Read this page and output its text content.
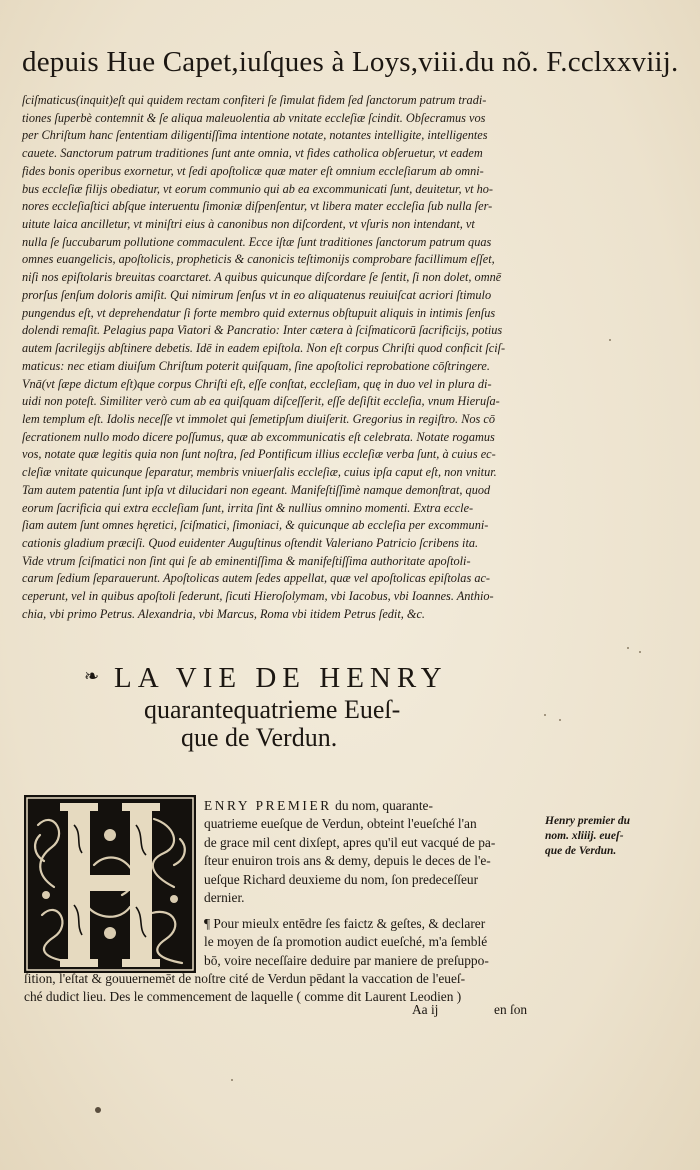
depuis Hue Capet,iuſques à Loys,viii.du nõ. F.cclxxviij.
ſciſmaticus(inquit)eſt qui quidem rectam confiteri ſe ſimulat fidem ſed ſanctorum patrum tradi-
tiones ſuperbè contemnit & ſe aliqua maleuolentia ab vnitate eccleſiæ ſcindit. Obſecramus vos
per Chriſtum hanc ſententiam diligentiſſima intentione notate, notantes intelligite, intelligentes
cauete. Sanctorum patrum traditiones ſunt ante omnia, vt fides catholica obſeruetur, vt eadem
fides bonis operibus exornetur, vt ſedi apoſtolicæ quæ mater eſt omnium eccleſiarum ab omni-
bus eccleſiæ filijs obediatur, vt eorum communio qui ab ea excommunicati ſunt, deuitetur, vt ho-
nores eccleſiaſtici abſque interuentu ſimoniæ diſpenſentur, vt libera mater eccleſia ſub nulla ſer-
uitute laica ancilletur, vt miniſtri eius à canonibus non diſcordent, vt vſuris non intendant, vt
nulla ſe ſuccubarum pollutione commaculent. Ecce iſtæ ſunt traditiones ſanctorum patrum quas
omnes euangelicis, apoſtolicis, propheticis & canonicis teſtimonijs comprobare facillimum eſſet,
niſi nos epiſtolaris breuitas coarctaret. A quibus quicunque diſcordare ſe ſentit, ſi non dolet, omnē
prorſus ſenſum doloris amiſit. Qui nimirum ſenſus vt in eo aliquatenus reuiuiſcat acriori ſtimulo
pungendus eſt, vt deprehendatur ſi forte membro quid externus obſtupuit aliquis in intimis ſenſus
dolendi remaſit. Pelagius papa Viatori & Pancratio: Inter cætera à ſciſmaticorū ſacrificijs, potius
autem ſacrilegijs abſtinere debetis. Idē in eadem epiſtola. Non eſt corpus Chriſti quod conficit ſciſ-
maticus: nec etiam diuiſum Chriſtum poterit quiſquam, ſine apoſtolici reprobatione cōſtringere.
Vnā(vt ſæpe dictum eſt)que corpus Chriſti eſt, eſſe conſtat, eccleſiam, quę in duo vel in plura di-
uidi non poteſt. Similiter verò cum ab ea quiſquam diſceſſerit, eſſe deſiſtit eccleſia, vnum Hieruſa-
lem templum eſt. Idolis neceſſe vt immolet qui ſemetipſum diuiſerit. Gregorius in regiſtro. Nos cō
ſecrationem nullo modo dicere poſſumus, quæ ab excommunicatis eſt celebrata. Notate rogamus
vos, notate quæ legitis quia non ſunt noſtra, ſed Pontificum illius eccleſiæ verba ſunt, à cuius ec-
cleſiæ vnitate quicunque ſeparatur, membris vniuerſalis eccleſiæ, cuius ipſa caput eſt, non vnitur.
Tam autem patentia ſunt ipſa vt dilucidari non egeant. Manifeſtiſſimè namque demonſtrat, quod
eorum ſacrificia qui extra eccleſiam ſunt, irrita ſint & nullius omnino momenti. Extra eccle-
ſiam autem ſunt omnes hęretici, ſciſmatici, ſimoniaci, & quicunque ab eccleſia per excommuni-
cationis gladium præciſi. Quod euidenter Auguſtinus oſtendit Valeriano Patricio ſcribens ita.
Vide vtrum ſciſmatici non ſint qui ſe ab eminentiſſima & manifeſtiſſima authoritate apoſtoli-
carum ſedium ſeparauerunt. Apoſtolicas autem ſedes appellat, quæ vel apoſtolicas epiſtolas ac-
ceperunt, vel in quibus apoſtoli ſederunt, ſicuti Hieroſolymam, vbi Iacobus, vbi Ioannes. Anthio-
chia, vbi primo Petrus. Alexandria, vbi Marcus, Roma vbi itidem Petrus ſedit, &c.
❧ LA VIE DE HENRY
quarantequatrieme Eueſ-
que de Verdun.
ENRY PREMIER du nom, quarante-
quatrieme eueſque de Verdun, obteint l'eueſché l'an
de grace mil cent dixſept, apres qu'il eut vacqué de pa-
ſteur enuiron trois ans & demy, depuis le deces de l'e-
ueſque Richard deuxieme du nom, ſon predeceſſeur
dernier.
¶ Pour mieulx entēdre ſes faictz & geſtes, & declarer
le moyen de ſa promotion audict eueſché, m'a ſemblé
bō, voire neceſſaire deduire par maniere de preſuppo-
ſition, l'eſtat & gouuernemēt de noſtre cité de Verdun pēdant la vaccation de l'eueſ-
ché dudict lieu. Des le commencement de laquelle ( comme dit Laurent Leodien )
Aa ij	en ſon
Henry premier du
nom. xliiij. eueſ-
que de Verdun.
